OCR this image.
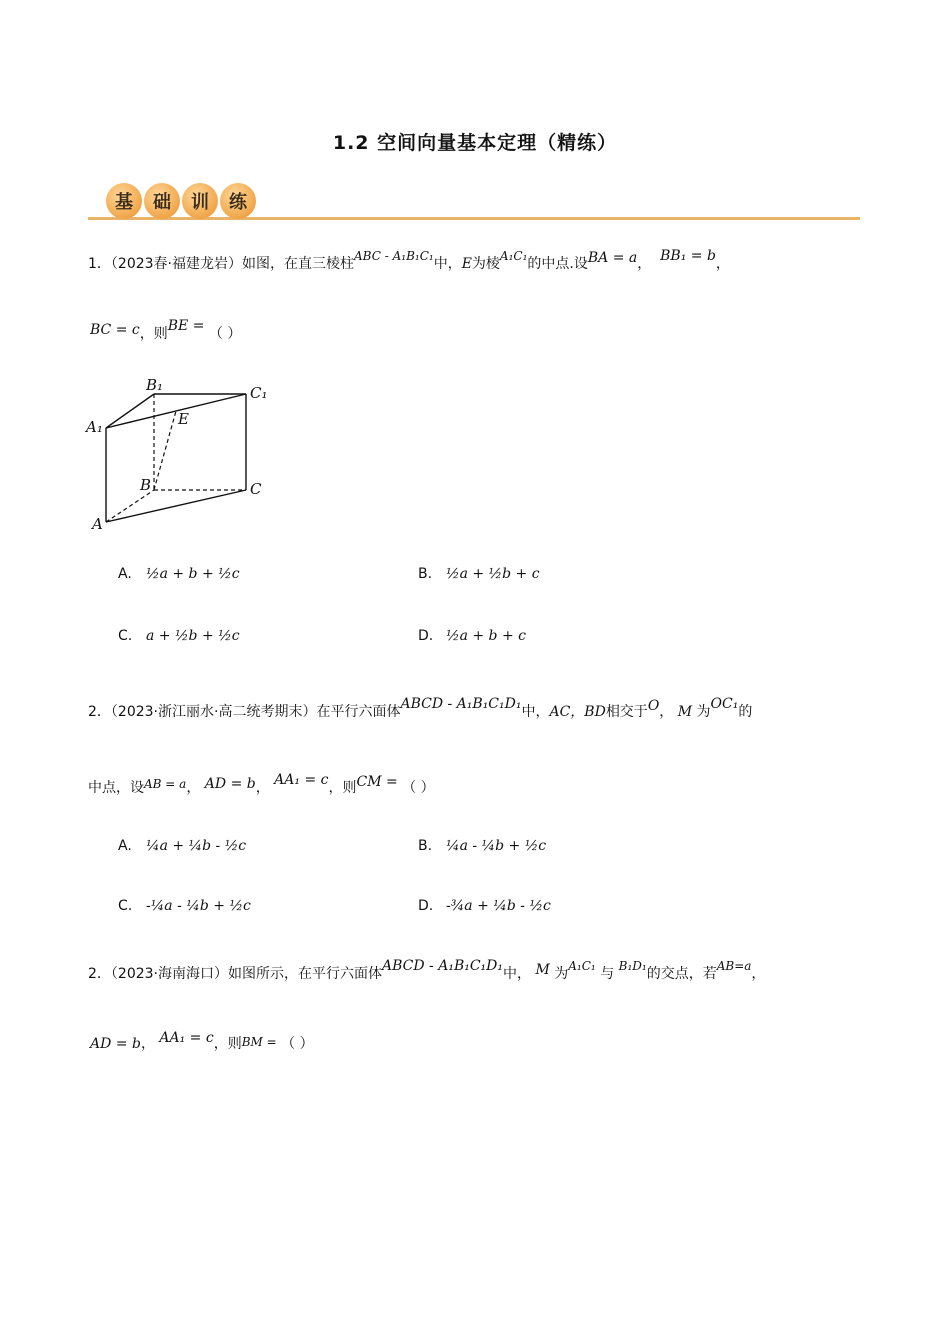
1.2 空间向量基本定理（精练）
基	础	训	练
1．（2023春·福建龙岩）如图，在直三棱柱ABC - A₁B₁C₁中，E为棱A₁C₁的中点.设BA = a， BB₁ = b，
BC = c，则BE = （ ）
A₁
B₁	C₁
E
B	C
A
A.	½a + b + ½c	B. ½a + ½b + c
C. a + ½b + ½c	D. ½a + b + c
2．（2023·浙江丽水·高二统考期末）在平行六面体ABCD - A₁B₁C₁D₁中，AC，BD相交于O， M 为OC₁的
中点，设AB = a， AD = b， AA₁ = c，则CM = （ ）
A.	¼a + ¼b - ½c	B. ¼a - ¼b + ½c
C. -¼a - ¼b + ½c	D. -¾a + ¼b - ½c
2．（2023·海南海口）如图所示，在平行六面体ABCD - A₁B₁C₁D₁中， M 为A₁C₁ 与 B₁D₁的交点，若AB=a，
AD = b， AA₁ = c，则BM = （ ）
